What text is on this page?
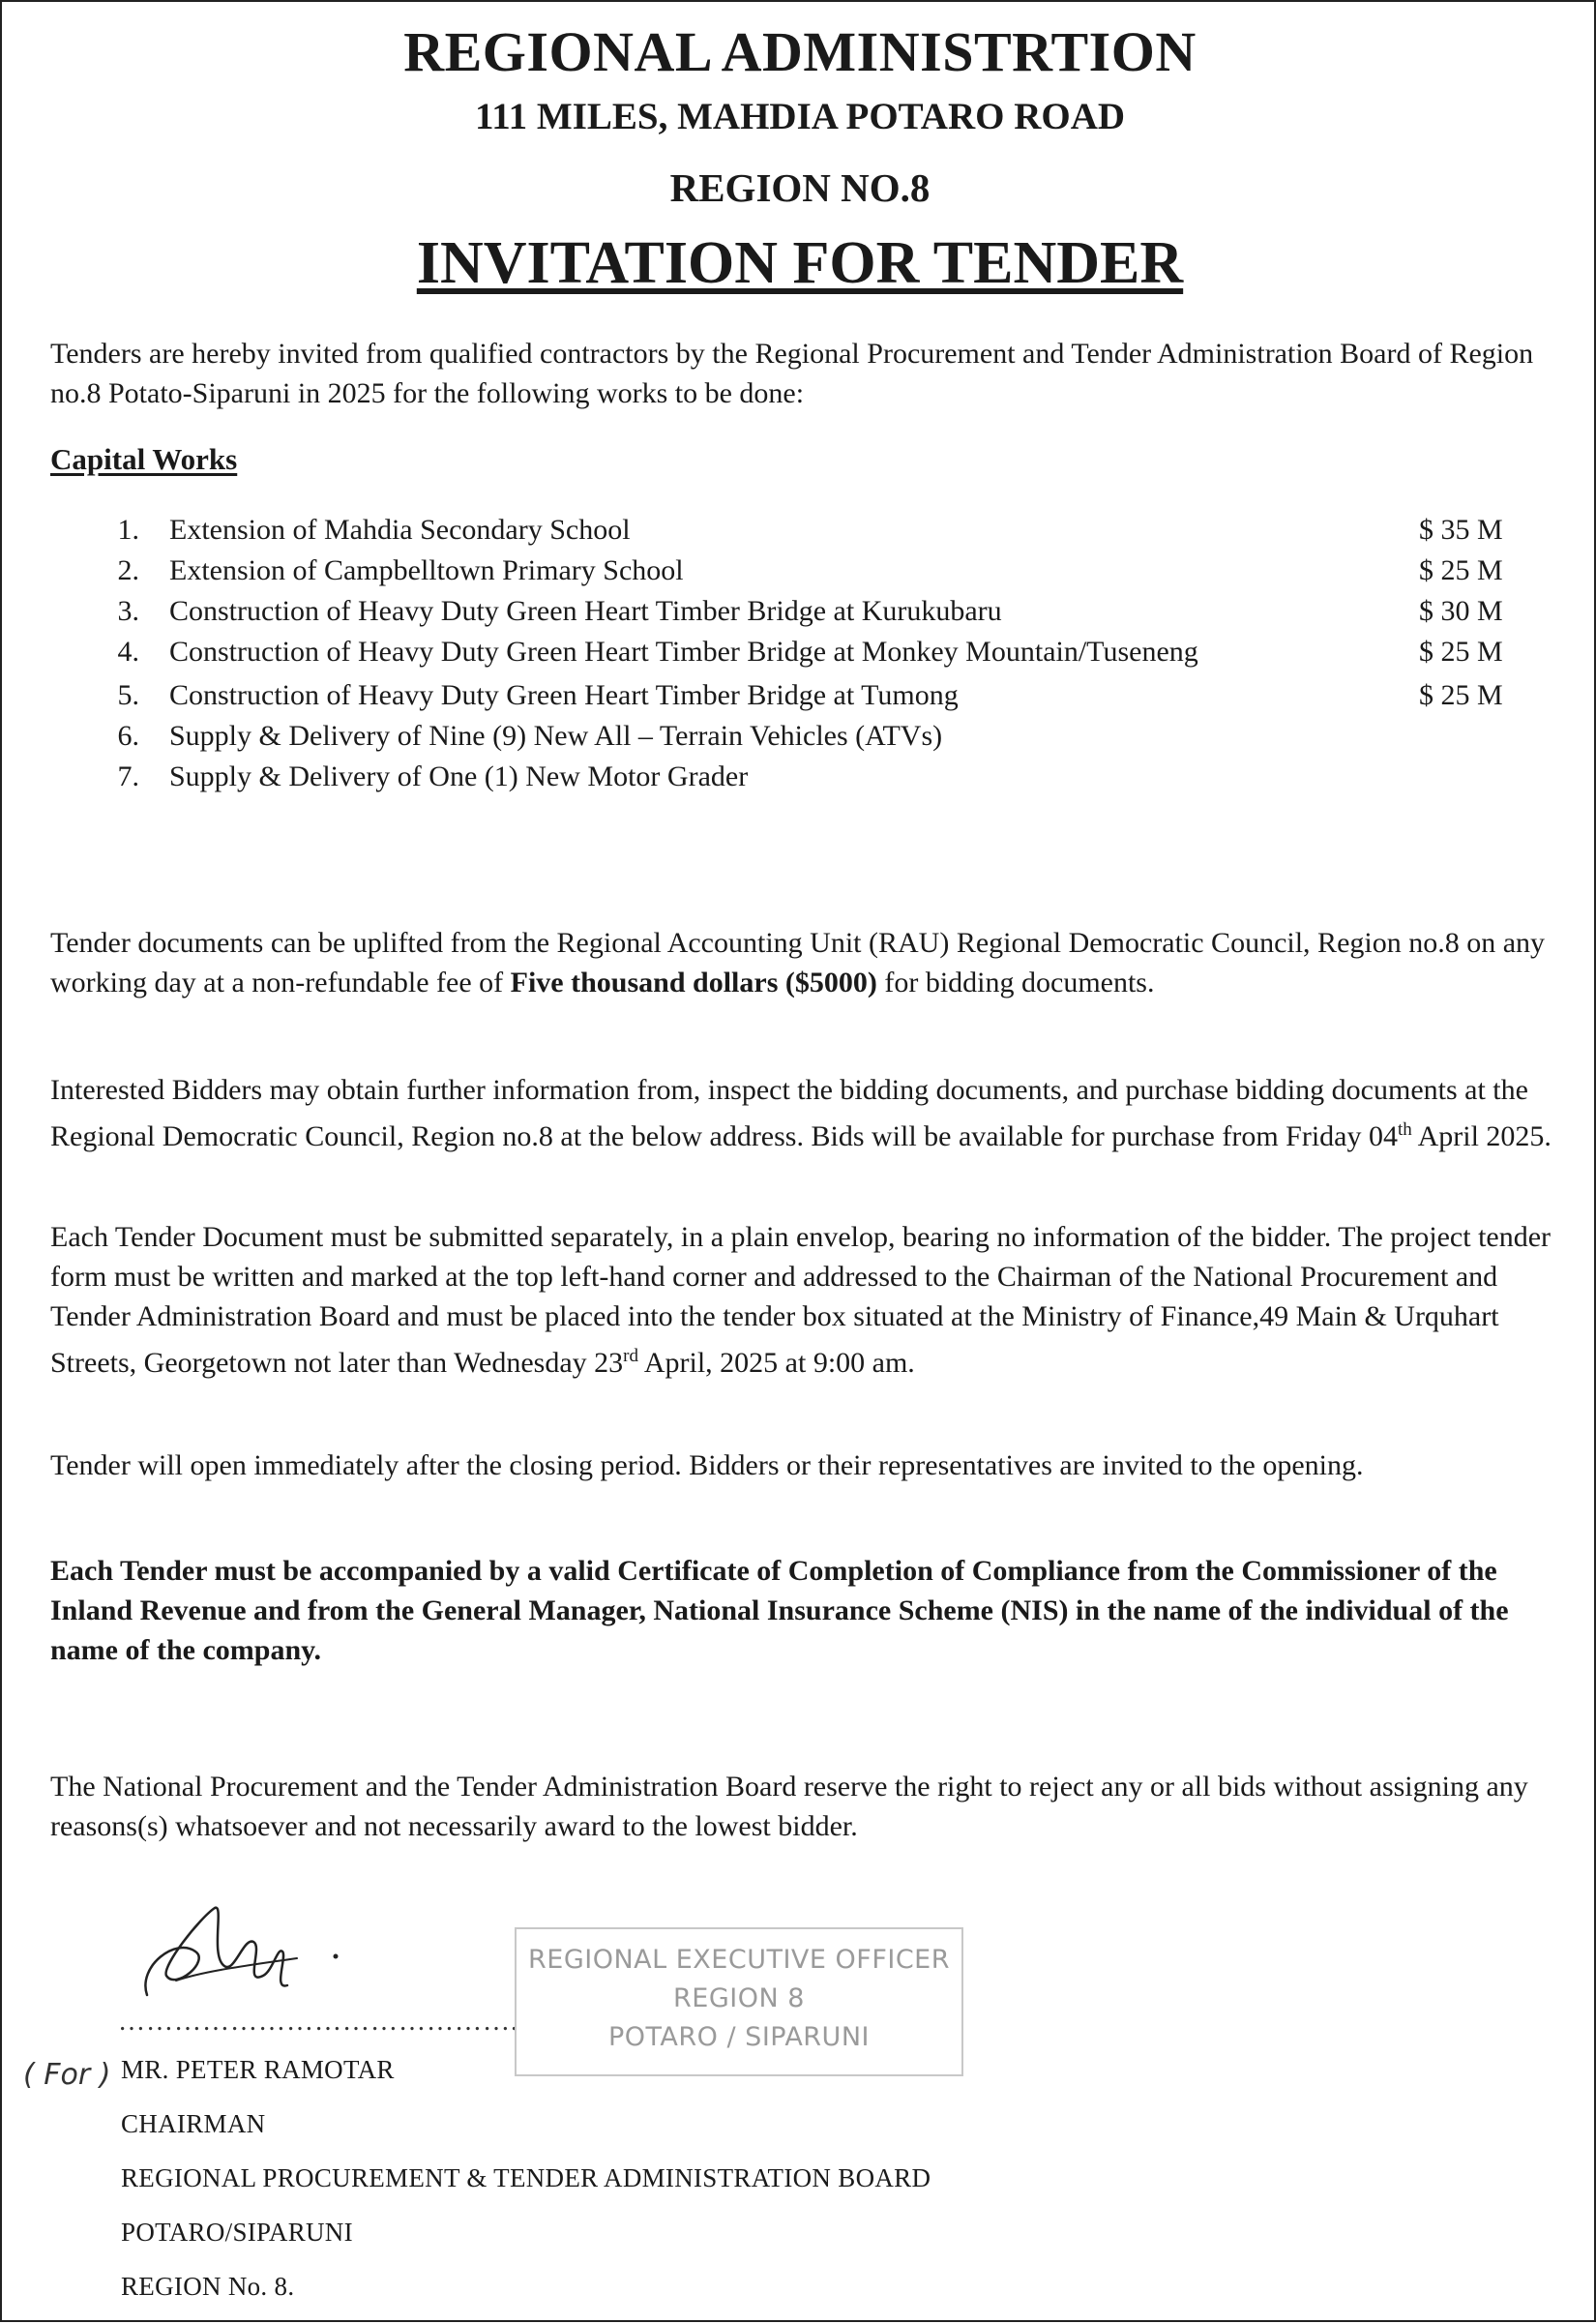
REGIONAL ADMINISTRTION
111 MILES, MAHDIA POTARO ROAD
REGION NO.8
INVITATION FOR TENDER

Tenders are hereby invited from qualified contractors by the Regional Procurement and Tender Administration Board of Region no.8 Potato-Siparuni in 2025 for the following works to be done:

Capital Works
1. Extension of Mahdia Secondary School	$ 35 M
2. Extension of Campbelltown Primary School	$ 25 M
3. Construction of Heavy Duty Green Heart Timber Bridge at Kurukubaru	$ 30 M
4. Construction of Heavy Duty Green Heart Timber Bridge at Monkey Mountain/Tuseneng	$ 25 M
5. Construction of Heavy Duty Green Heart Timber Bridge at Tumong	$ 25 M
6. Supply & Delivery of Nine (9) New All – Terrain Vehicles (ATVs)
7. Supply & Delivery of One (1) New Motor Grader

Tender documents can be uplifted from the Regional Accounting Unit (RAU) Regional Democratic Council, Region no.8 on any working day at a non-refundable fee of Five thousand dollars ($5000) for bidding documents.

Interested Bidders may obtain further information from, inspect the bidding documents, and purchase bidding documents at the Regional Democratic Council, Region no.8 at the below address. Bids will be available for purchase from Friday 04th April 2025.

Each Tender Document must be submitted separately, in a plain envelop, bearing no information of the bidder. The project tender form must be written and marked at the top left-hand corner and addressed to the Chairman of the National Procurement and Tender Administration Board and must be placed into the tender box situated at the Ministry of Finance,49 Main & Urquhart Streets, Georgetown not later than Wednesday 23rd April, 2025 at 9:00 am.

Tender will open immediately after the closing period. Bidders or their representatives are invited to the opening.

Each Tender must be accompanied by a valid Certificate of Completion of Compliance from the Commissioner of the Inland Revenue and from the General Manager, National Insurance Scheme (NIS) in the name of the individual of the name of the company.

The National Procurement and the Tender Administration Board reserve the right to reject any or all bids without assigning any reasons(s) whatsoever and not necessarily award to the lowest bidder.

…………………………………….
( For ) MR. PETER RAMOTAR
CHAIRMAN
REGIONAL PROCUREMENT & TENDER ADMINISTRATION BOARD
POTARO/SIPARUNI
REGION No. 8.
REGIONAL EXECUTIVE OFFICER
REGION 8
POTARO / SIPARUNI
